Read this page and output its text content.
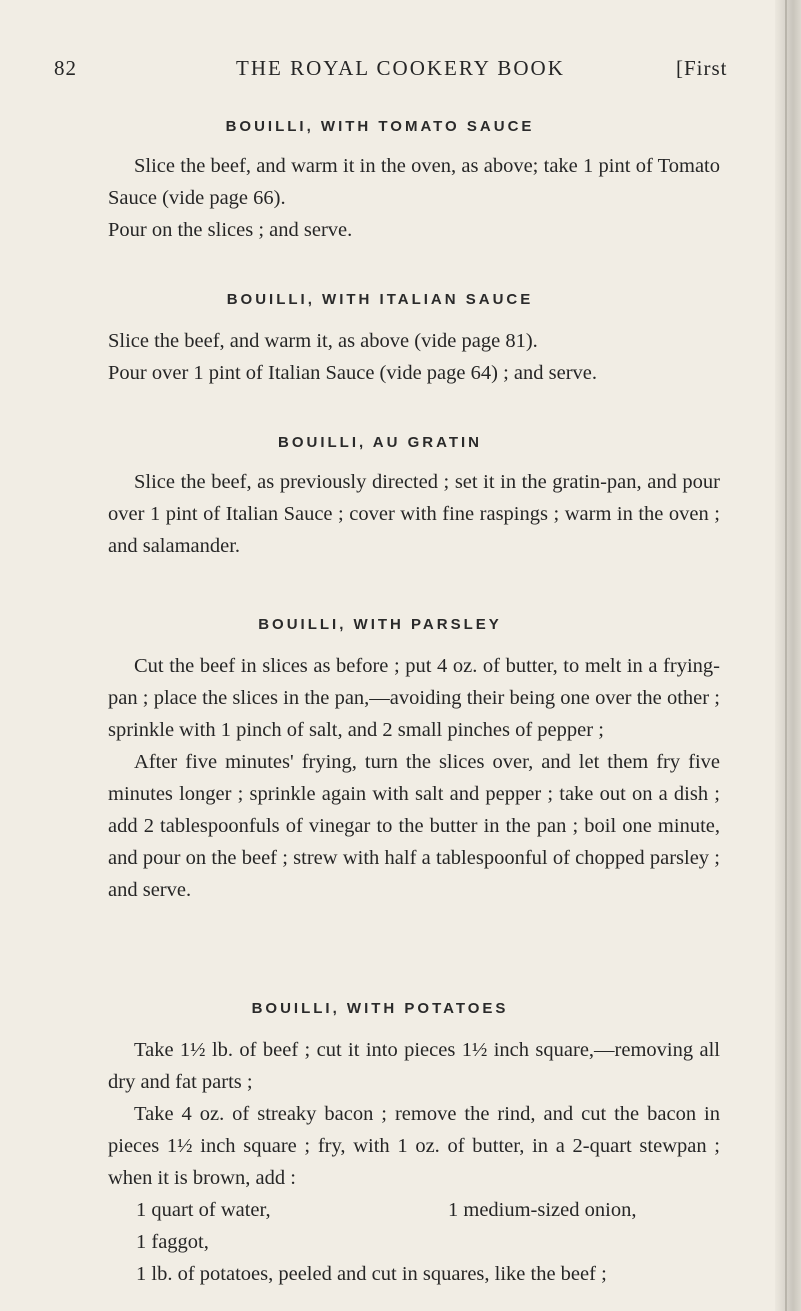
82	THE ROYAL COOKERY BOOK	[First
BOUILLI, WITH TOMATO SAUCE

Slice the beef, and warm it in the oven, as above; take 1 pint of Tomato Sauce (vide page 66).

Pour on the slices ; and serve.

BOUILLI, WITH ITALIAN SAUCE

Slice the beef, and warm it, as above (vide page 81).

Pour over 1 pint of Italian Sauce (vide page 64) ; and serve.

BOUILLI, AU GRATIN

Slice the beef, as previously directed ; set it in the gratin-pan, and pour over 1 pint of Italian Sauce ; cover with fine raspings ; warm in the oven ; and salamander.

BOUILLI, WITH PARSLEY

Cut the beef in slices as before ; put 4 oz. of butter, to melt in a frying-pan ; place the slices in the pan,—avoiding their being one over the other ; sprinkle with 1 pinch of salt, and 2 small pinches of pepper ;

After five minutes' frying, turn the slices over, and let them fry five minutes longer ; sprinkle again with salt and pepper ; take out on a dish ; add 2 tablespoonfuls of vinegar to the butter in the pan ; boil one minute, and pour on the beef ; strew with half a tablespoonful of chopped parsley ; and serve.

BOUILLI, WITH POTATOES

Take 1½ lb. of beef ; cut it into pieces 1½ inch square,—removing all dry and fat parts ;

Take 4 oz. of streaky bacon ; remove the rind, and cut the bacon in pieces 1½ inch square ; fry, with 1 oz. of butter, in a 2-quart stewpan ; when it is brown, add :

1 quart of water,	1 medium-sized onion,
1 faggot,

1 lb. of potatoes, peeled and cut in squares, like the beef ;
